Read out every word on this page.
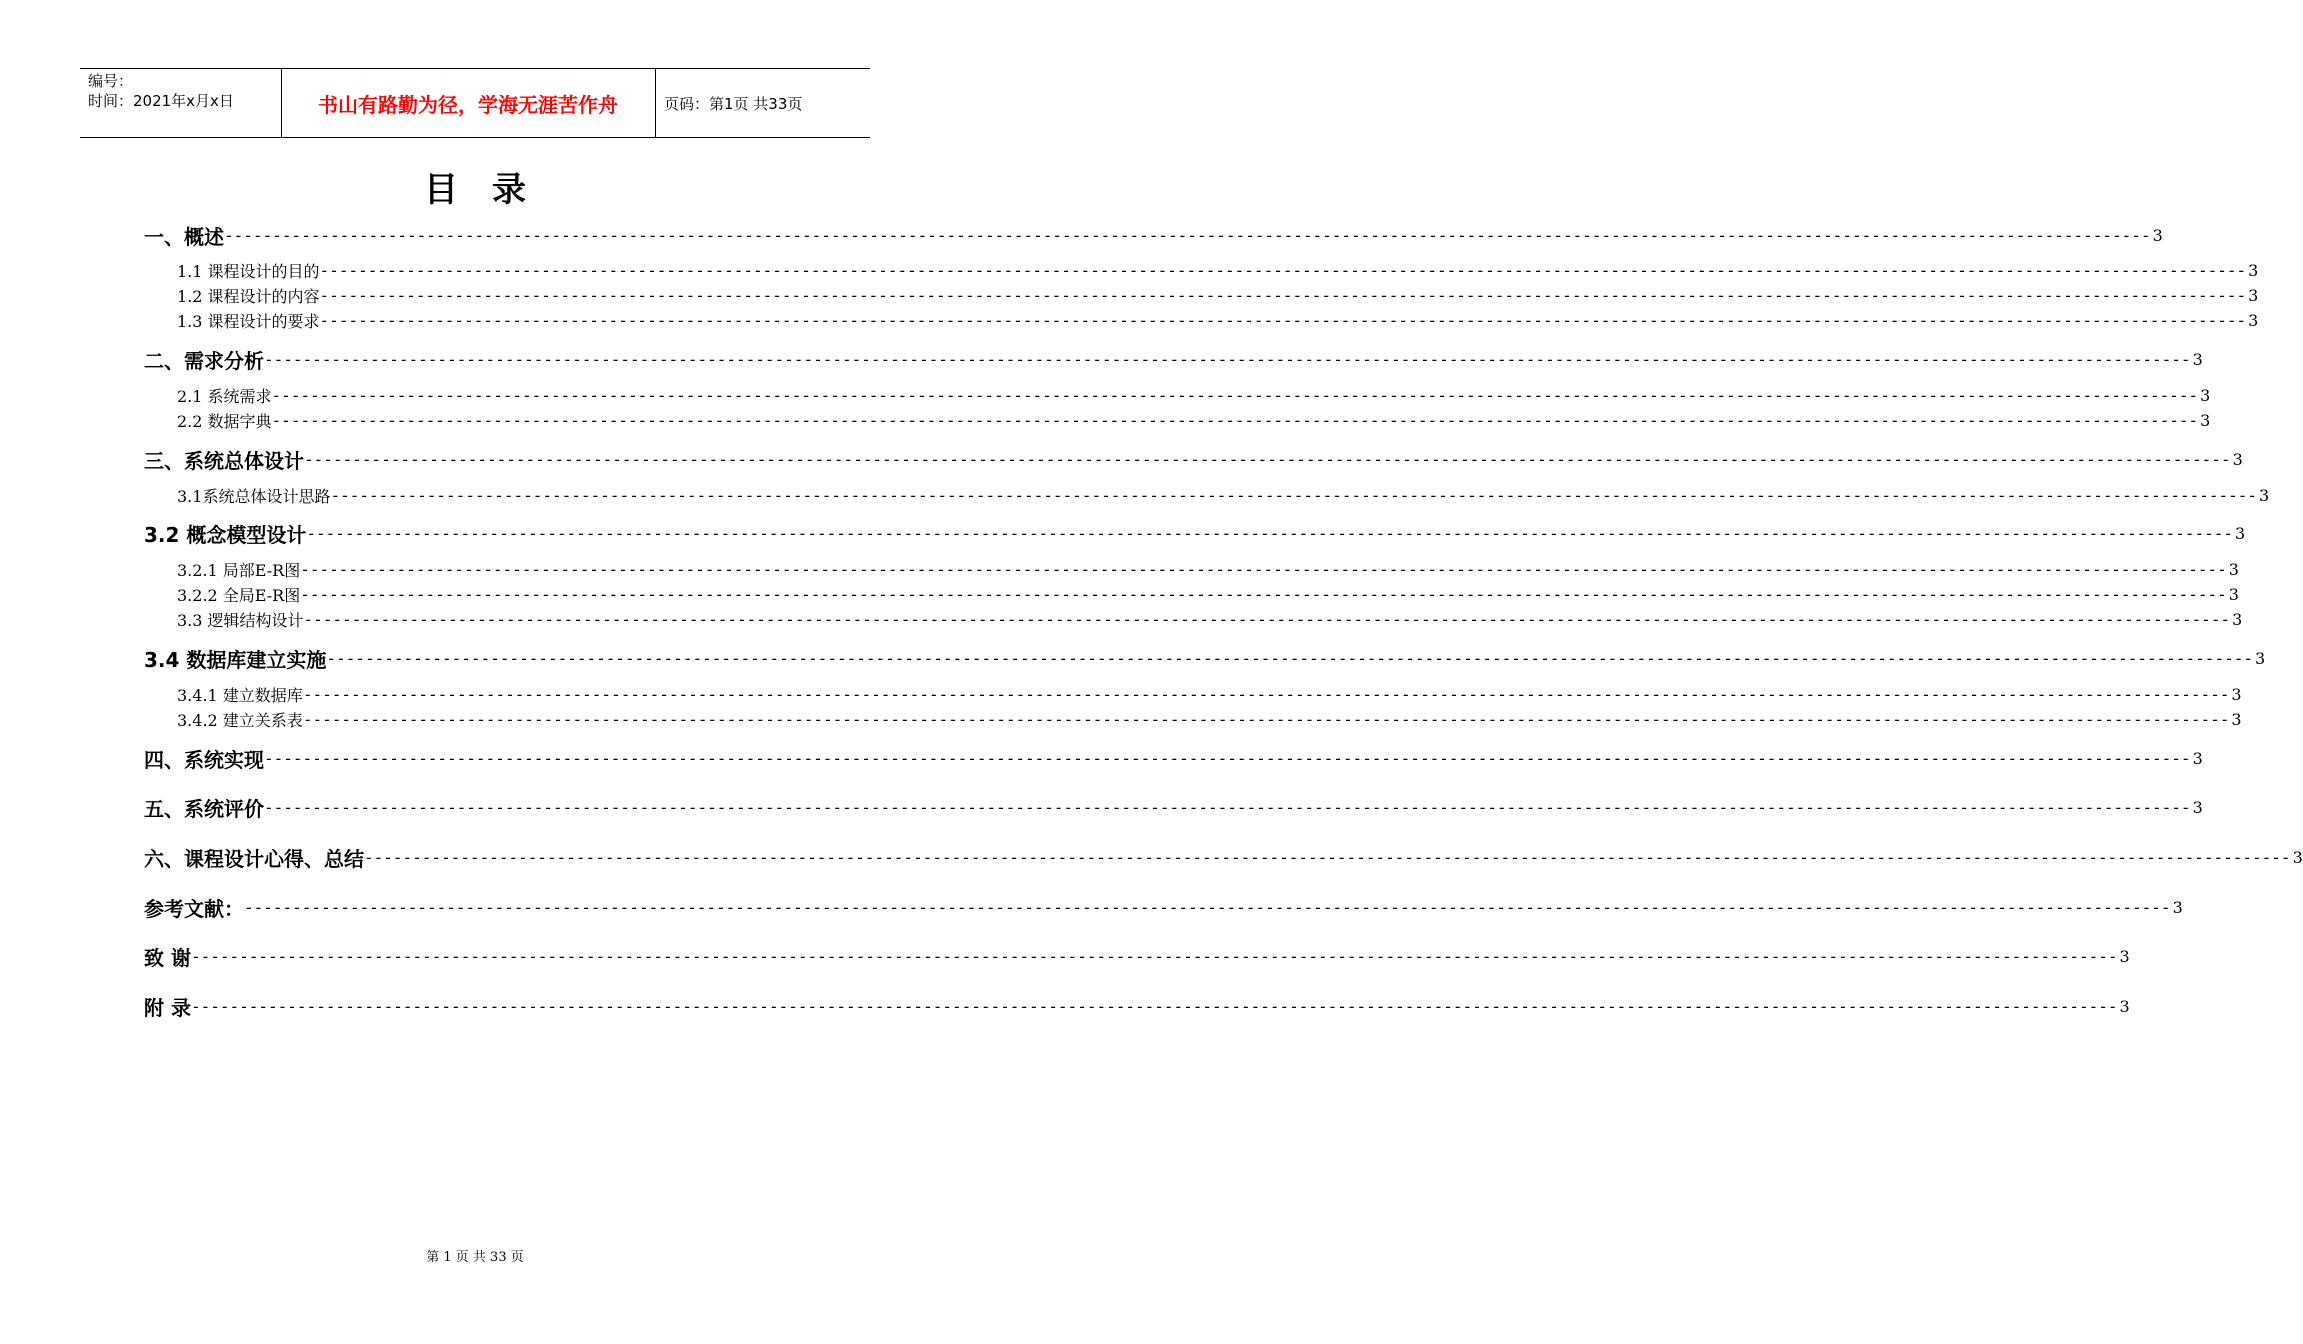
编号：
时间：2021年x月x日	书山有路勤为径，学海无涯苦作舟	页码：第1页 共33页
目录
一、概述 -------------------------------------------------------------------------------------------------------------------------------------------------------------------------------------------------------- 3
1.1 课程设计的目的 -------------------------------------------------------------------------------------------------------------------------------------------------------------------------------------------------------- 3
1.2 课程设计的内容 -------------------------------------------------------------------------------------------------------------------------------------------------------------------------------------------------------- 3
1.3 课程设计的要求 -------------------------------------------------------------------------------------------------------------------------------------------------------------------------------------------------------- 3
二、需求分析 -------------------------------------------------------------------------------------------------------------------------------------------------------------------------------------------------------- 3
2.1 系统需求 -------------------------------------------------------------------------------------------------------------------------------------------------------------------------------------------------------- 3
2.2 数据字典 -------------------------------------------------------------------------------------------------------------------------------------------------------------------------------------------------------- 3
三、系统总体设计 -------------------------------------------------------------------------------------------------------------------------------------------------------------------------------------------------------- 3
3.1系统总体设计思路 -------------------------------------------------------------------------------------------------------------------------------------------------------------------------------------------------------- 3
3.2 概念模型设计 -------------------------------------------------------------------------------------------------------------------------------------------------------------------------------------------------------- 3
3.2.1 局部E-R图 -------------------------------------------------------------------------------------------------------------------------------------------------------------------------------------------------------- 3
3.2.2 全局E-R图 -------------------------------------------------------------------------------------------------------------------------------------------------------------------------------------------------------- 3
3.3 逻辑结构设计 -------------------------------------------------------------------------------------------------------------------------------------------------------------------------------------------------------- 3
3.4 数据库建立实施 -------------------------------------------------------------------------------------------------------------------------------------------------------------------------------------------------------- 3
3.4.1 建立数据库 -------------------------------------------------------------------------------------------------------------------------------------------------------------------------------------------------------- 3
3.4.2 建立关系表 -------------------------------------------------------------------------------------------------------------------------------------------------------------------------------------------------------- 3
四、系统实现 -------------------------------------------------------------------------------------------------------------------------------------------------------------------------------------------------------- 3
五、系统评价 -------------------------------------------------------------------------------------------------------------------------------------------------------------------------------------------------------- 3
六、课程设计心得、总结 -------------------------------------------------------------------------------------------------------------------------------------------------------------------------------------------------------- 3
参考文献： -------------------------------------------------------------------------------------------------------------------------------------------------------------------------------------------------------- 3
致 谢 -------------------------------------------------------------------------------------------------------------------------------------------------------------------------------------------------------- 3
附 录 -------------------------------------------------------------------------------------------------------------------------------------------------------------------------------------------------------- 3
第 1 页 共 33 页
